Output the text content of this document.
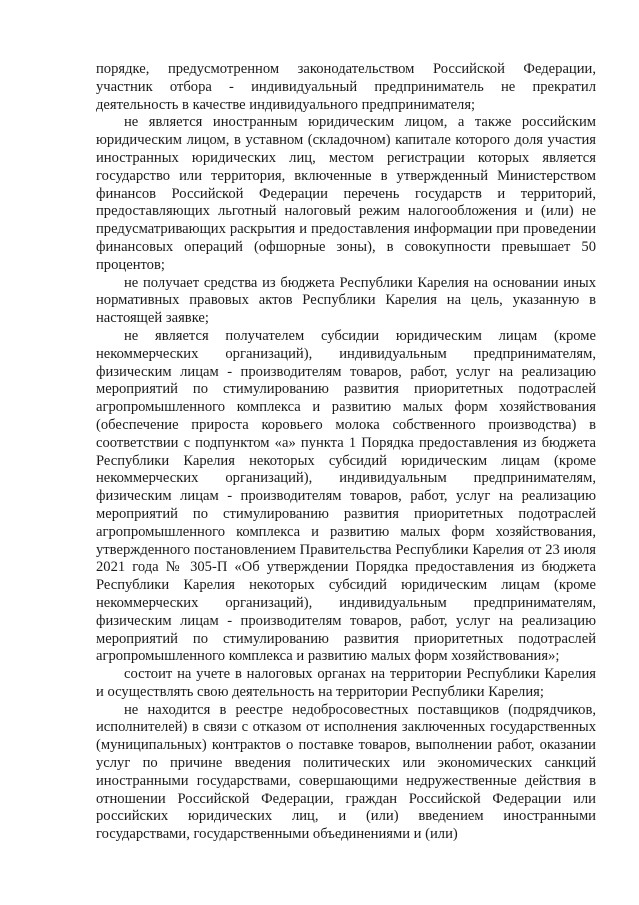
порядке, предусмотренном законодательством Российской Федерации, участник отбора - индивидуальный предприниматель не прекратил деятельность в качестве индивидуального предпринимателя;

не является иностранным юридическим лицом, а также российским юридическим лицом, в уставном (складочном) капитале которого доля участия иностранных юридических лиц, местом регистрации которых является государство или территория, включенные в утвержденный Министерством финансов Российской Федерации перечень государств и территорий, предоставляющих льготный налоговый режим налогообложения и (или) не предусматривающих раскрытия и предоставления информации при проведении финансовых операций (офшорные зоны), в совокупности превышает 50 процентов;

не получает средства из бюджета Республики Карелия на основании иных нормативных правовых актов Республики Карелия на цель, указанную в настоящей заявке;

не является получателем субсидии юридическим лицам (кроме некоммерческих организаций), индивидуальным предпринимателям, физическим лицам - производителям товаров, работ, услуг на реализацию мероприятий по стимулированию развития приоритетных подотраслей агропромышленного комплекса и развитию малых форм хозяйствования (обеспечение прироста коровьего молока собственного производства) в соответствии с подпунктом «а» пункта 1 Порядка предоставления из бюджета Республики Карелия некоторых субсидий юридическим лицам (кроме некоммерческих организаций), индивидуальным предпринимателям, физическим лицам - производителям товаров, работ, услуг на реализацию мероприятий по стимулированию развития приоритетных подотраслей агропромышленного комплекса и развитию малых форм хозяйствования, утвержденного постановлением Правительства Республики Карелия от 23 июля 2021 года № 305-П «Об утверждении Порядка предоставления из бюджета Республики Карелия некоторых субсидий юридическим лицам (кроме некоммерческих организаций), индивидуальным предпринимателям, физическим лицам - производителям товаров, работ, услуг на реализацию мероприятий по стимулированию развития приоритетных подотраслей агропромышленного комплекса и развитию малых форм хозяйствования»;

состоит на учете в налоговых органах на территории Республики Карелия и осуществлять свою деятельность на территории Республики Карелия;

не находится в реестре недобросовестных поставщиков (подрядчиков, исполнителей) в связи с отказом от исполнения заключенных государственных (муниципальных) контрактов о поставке товаров, выполнении работ, оказании услуг по причине введения политических или экономических санкций иностранными государствами, совершающими недружественные действия в отношении Российской Федерации, граждан Российской Федерации или российских юридических лиц, и (или) введением иностранными государствами, государственными объединениями и (или)
